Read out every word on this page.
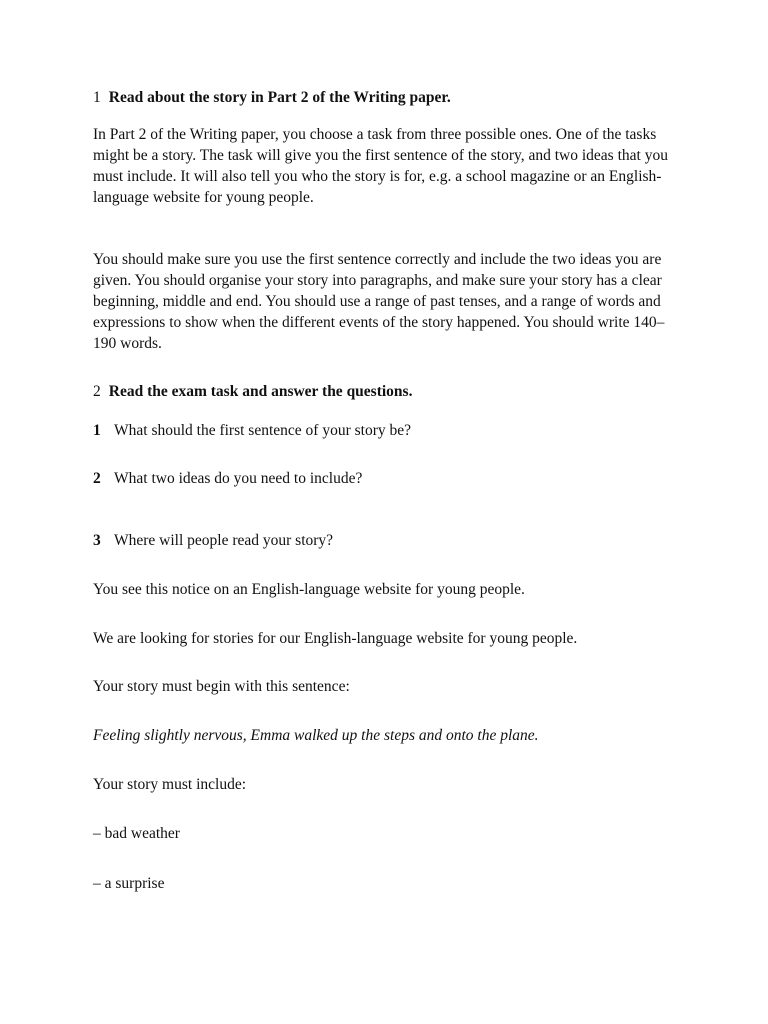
1 Read about the story in Part 2 of the Writing paper.

In Part 2 of the Writing paper, you choose a task from three possible ones. One of the tasks might be a story. The task will give you the first sentence of the story, and two ideas that you must include. It will also tell you who the story is for, e.g. a school magazine or an English-language website for young people.

You should make sure you use the first sentence correctly and include the two ideas you are given. You should organise your story into paragraphs, and make sure your story has a clear beginning, middle and end. You should use a range of past tenses, and a range of words and expressions to show when the different events of the story happened. You should write 140–190 words.

2 Read the exam task and answer the questions.

1 What should the first sentence of your story be?

2 What two ideas do you need to include?

3 Where will people read your story?

You see this notice on an English-language website for young people.

We are looking for stories for our English-language website for young people.

Your story must begin with this sentence:

Feeling slightly nervous, Emma walked up the steps and onto the plane.

Your story must include:

– bad weather

– a surprise
